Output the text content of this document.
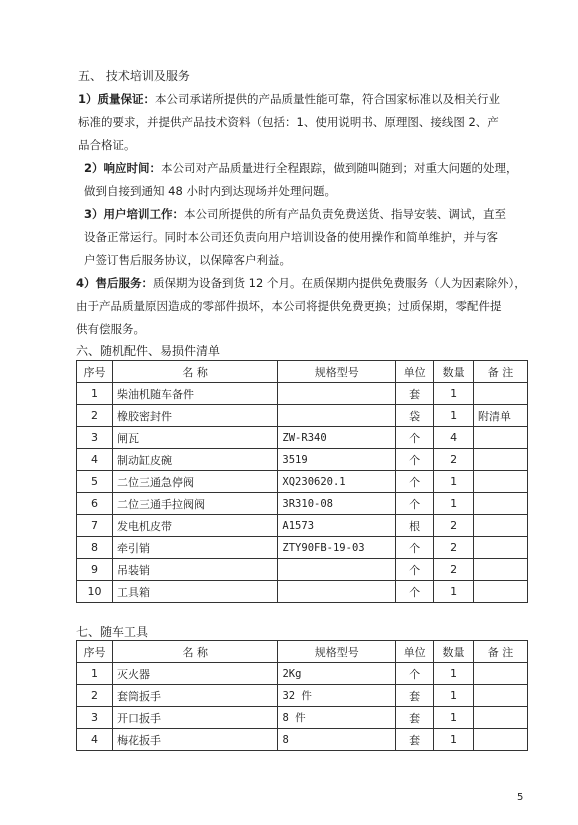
五、 技术培训及服务
1）质量保证：本公司承诺所提供的产品质量性能可靠，符合国家标准以及相关行业
标准的要求，并提供产品技术资料（包括：1、使用说明书、原理图、接线图 2、产
品合格证。
2）响应时间：本公司对产品质量进行全程跟踪，做到随叫随到；对重大问题的处理，
做到自接到通知 48 小时内到达现场并处理问题。
3）用户培训工作：本公司所提供的所有产品负责免费送货、指导安装、调试，直至
设备正常运行。同时本公司还负责向用户培训设备的使用操作和简单维护，并与客
户签订售后服务协议，以保障客户利益。
4）售后服务：质保期为设备到货 12 个月。在质保期内提供免费服务（人为因素除外），
由于产品质量原因造成的零部件损坏，本公司将提供免费更换；过质保期，零配件提
供有偿服务。
六、随机配件、易损件清单
序号	名 称	规格型号	单位	数量	备 注
1	柴油机随车备件		套	1	
2	橡胶密封件		袋	1	附清单
3	闸瓦	ZW-R340	个	4	
4	制动缸皮碗	3519	个	2	
5	二位三通急停阀	XQ230620.1	个	1	
6	二位三通手拉阀阀	3R310-08	个	1	
7	发电机皮带	A1573	根	2	
8	牵引销	ZTY90FB-19-03	个	2	
9	吊装销		个	2	
10	工具箱		个	1	
七、随车工具
序号	名 称	规格型号	单位	数量	备 注
1	灭火器	2Kg	个	1	
2	套筒扳手	32 件	套	1	
3	开口扳手	8 件	套	1	
4	梅花扳手	8	套	1	
5
